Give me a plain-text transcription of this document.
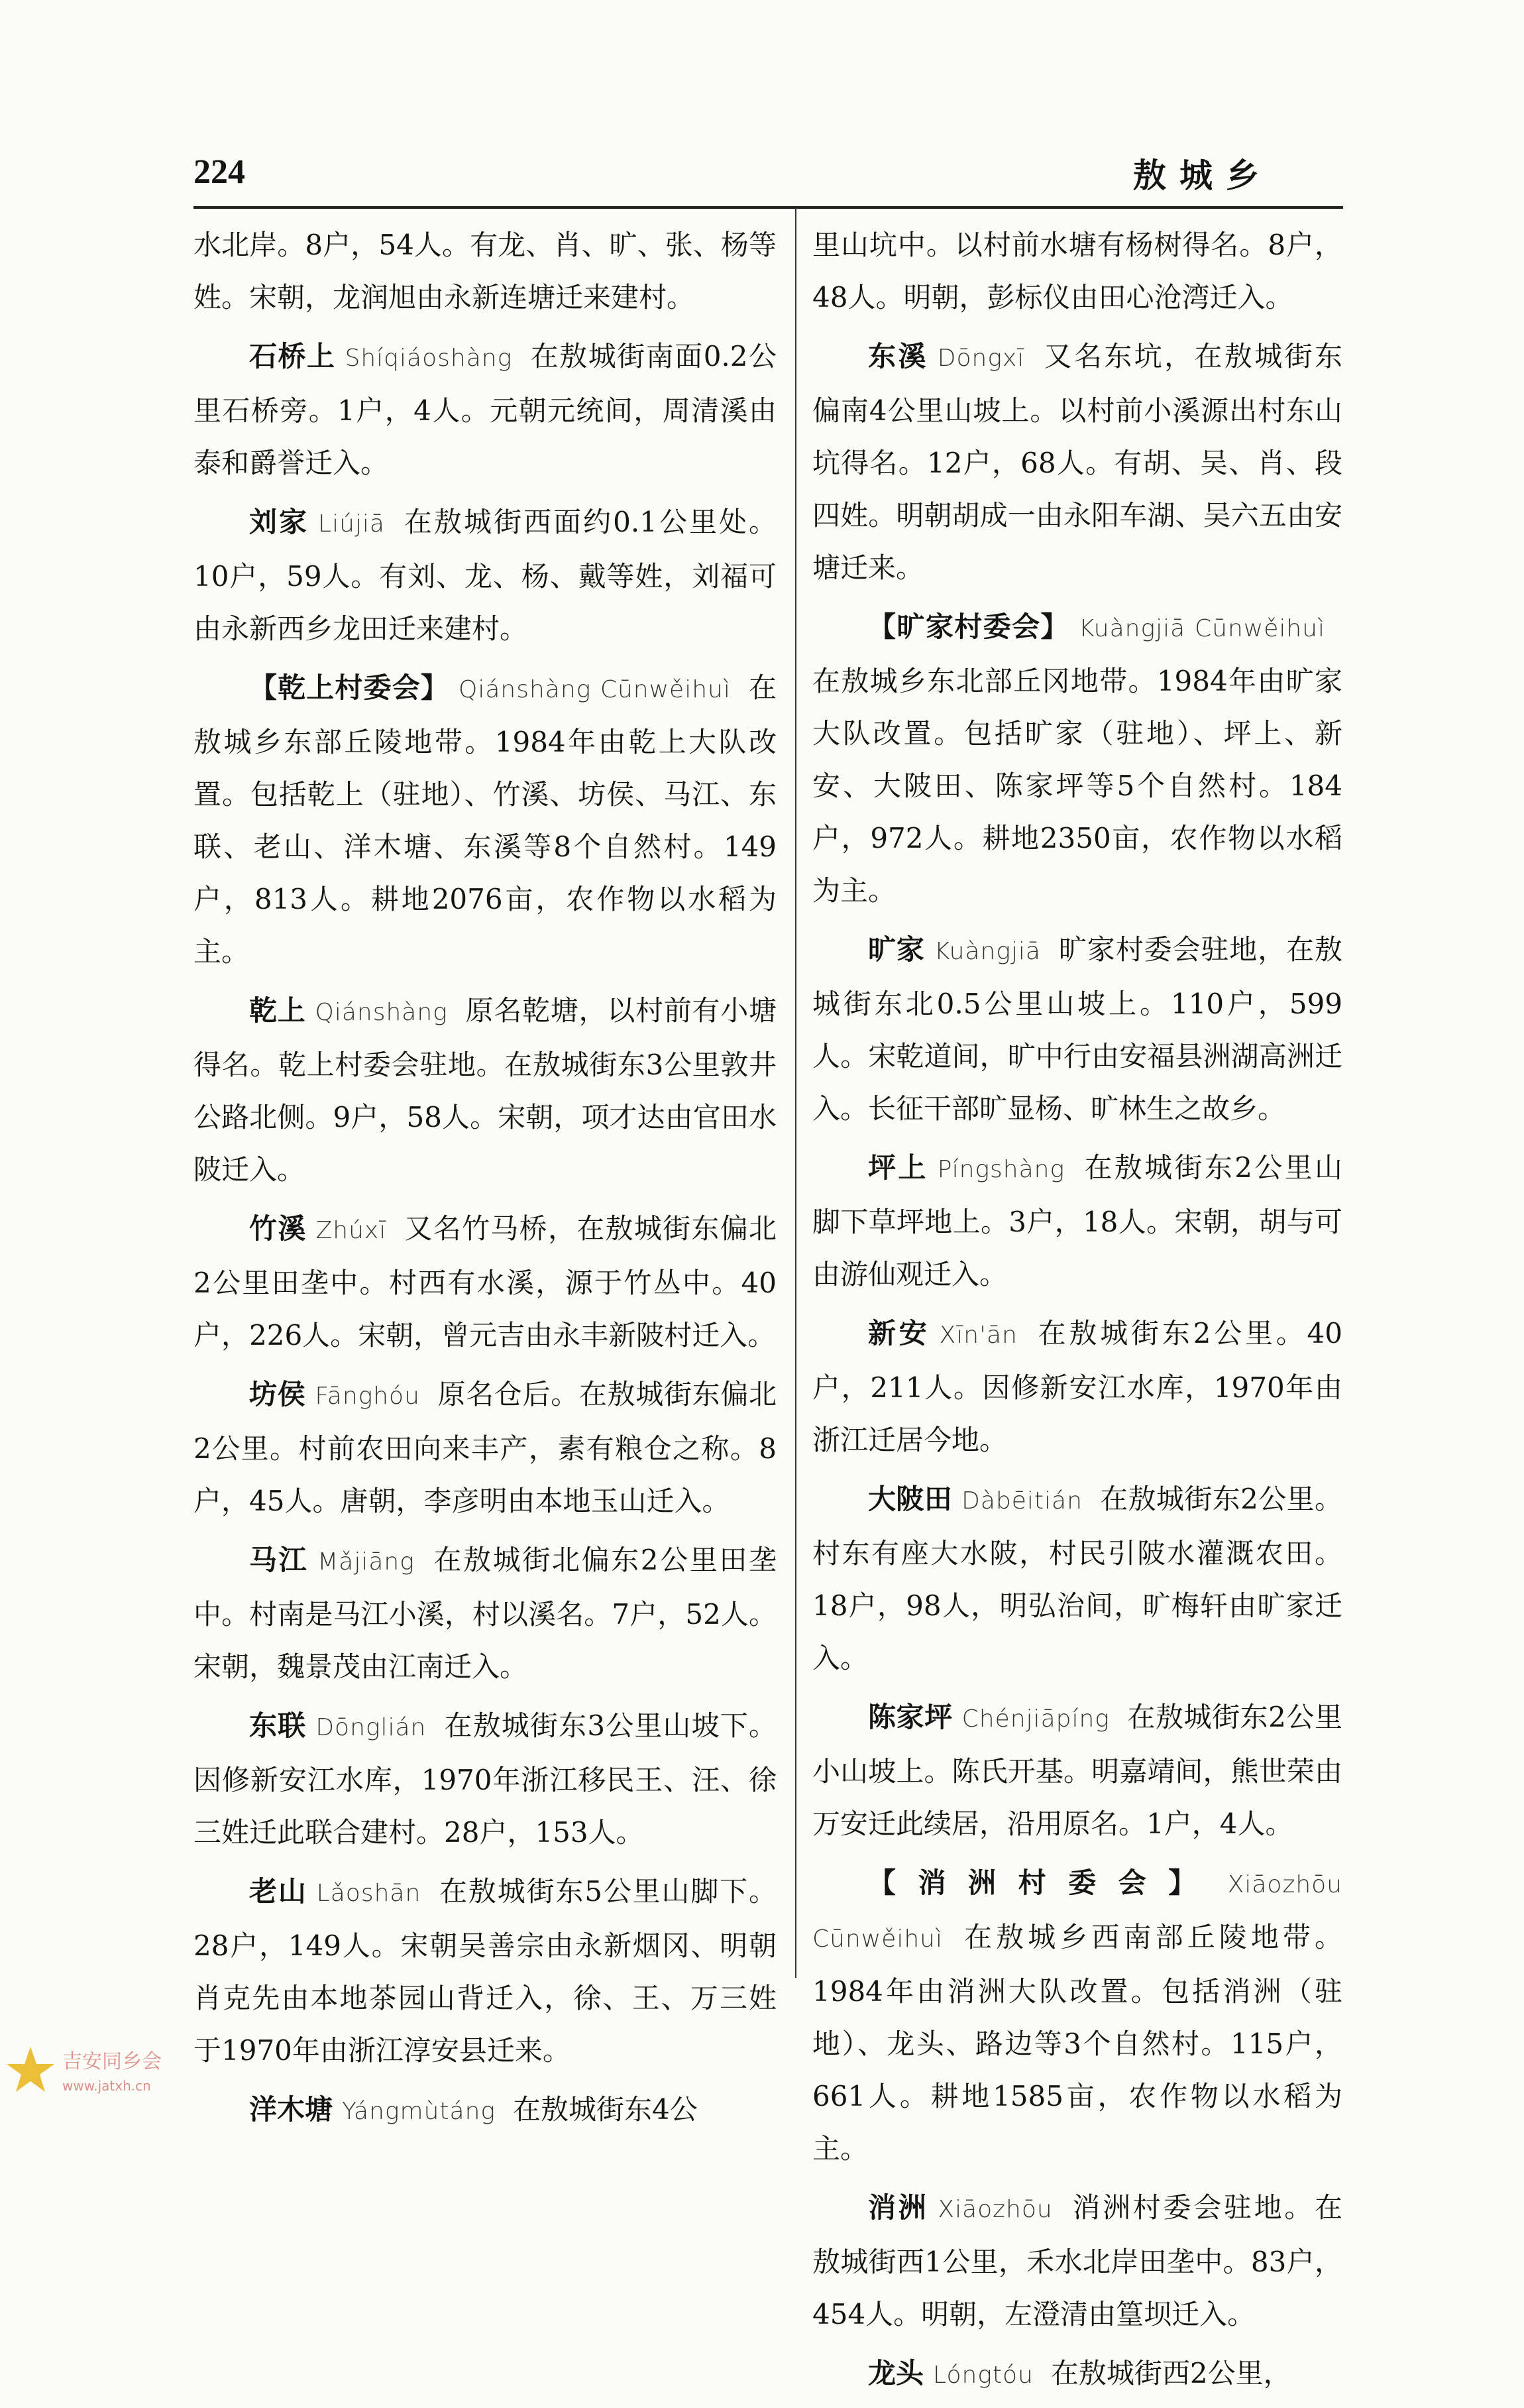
224	敖城乡

水北岸。8户，54人。有龙、肖、旷、张、杨等姓。宋朝，龙润旭由永新连塘迁来建村。

石桥上 Shíqiáoshàng 在敖城街南面0.2公里石桥旁。1户，4人。元朝元统间，周清溪由泰和爵誉迁入。

刘家 Liújiā 在敖城街西面约0.1公里处。10户，59人。有刘、龙、杨、戴等姓，刘福可由永新西乡龙田迁来建村。

【乾上村委会】 Qiánshàng Cūnwěihuì 在敖城乡东部丘陵地带。1984年由乾上大队改置。包括乾上（驻地）、竹溪、坊侯、马江、东联、老山、洋木塘、东溪等8个自然村。149户，813人。耕地2076亩，农作物以水稻为主。

乾上 Qiánshàng 原名乾塘，以村前有小塘得名。乾上村委会驻地。在敖城街东3公里敦井公路北侧。9户，58人。宋朝，项才达由官田水陂迁入。

竹溪 Zhúxī 又名竹马桥，在敖城街东偏北2公里田垄中。村西有水溪，源于竹丛中。40户，226人。宋朝，曾元吉由永丰新陂村迁入。

坊侯 Fānghóu 原名仓后。在敖城街东偏北2公里。村前农田向来丰产，素有粮仓之称。8户，45人。唐朝，李彦明由本地玉山迁入。

马江 Mǎjiāng 在敖城街北偏东2公里田垄中。村南是马江小溪，村以溪名。7户，52人。宋朝，魏景茂由江南迁入。

东联 Dōnglián 在敖城街东3公里山坡下。因修新安江水库，1970年浙江移民王、汪、徐三姓迁此联合建村。28户，153人。

老山 Lǎoshān 在敖城街东5公里山脚下。28户，149人。宋朝吴善宗由永新烟冈、明朝肖克先由本地茶园山背迁入，徐、王、万三姓于1970年由浙江淳安县迁来。

洋木塘 Yángmùtáng 在敖城街东4公

里山坑中。以村前水塘有杨树得名。8户，48人。明朝，彭标仪由田心沧湾迁入。

东溪 Dōngxī 又名东坑，在敖城街东偏南4公里山坡上。以村前小溪源出村东山坑得名。12户，68人。有胡、吴、肖、段四姓。明朝胡成一由永阳车湖、吴六五由安塘迁来。

【旷家村委会】 Kuàngjiā Cūnwěihuì在敖城乡东北部丘冈地带。1984年由旷家大队改置。包括旷家（驻地）、坪上、新安、大陂田、陈家坪等5个自然村。184户，972人。耕地2350亩，农作物以水稻为主。

旷家 Kuàngjiā 旷家村委会驻地，在敖城街东北0.5公里山坡上。110户，599人。宋乾道间，旷中行由安福县洲湖高洲迁入。长征干部旷显杨、旷林生之故乡。

坪上 Píngshàng 在敖城街东2公里山脚下草坪地上。3户，18人。宋朝，胡与可由游仙观迁入。

新安 Xīn'ān 在敖城街东2公里。40户，211人。因修新安江水库，1970年由浙江迁居今地。

大陂田 Dàbēitián 在敖城街东2公里。村东有座大水陂，村民引陂水灌溉农田。18户，98人，明弘治间，旷梅轩由旷家迁入。

陈家坪 Chénjiāpíng 在敖城街东2公里小山坡上。陈氏开基。明嘉靖间，熊世荣由万安迁此续居，沿用原名。1户，4人。

【消洲村委会】 Xiāozhōu Cūnwěihuì 在敖城乡西南部丘陵地带。1984年由消洲大队改置。包括消洲（驻地）、龙头、路边等3个自然村。115户，661人。耕地1585亩，农作物以水稻为主。

消洲 Xiāozhōu 消洲村委会驻地。在敖城街西1公里，禾水北岸田垄中。83户，454人。明朝，左澄清由篁坝迁入。

龙头 Lóngtóu 在敖城街西2公里，

吉安同乡会
www.jatxh.cn
